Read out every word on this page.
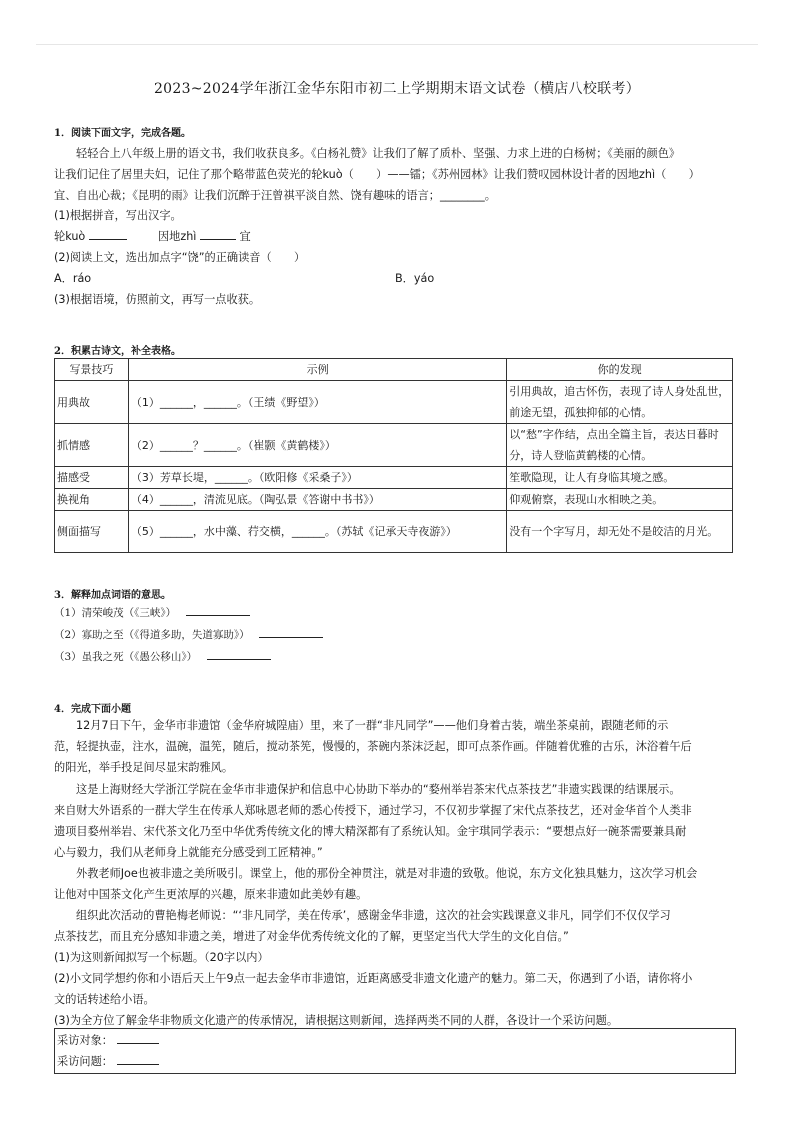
2023~2024学年浙江金华东阳市初二上学期期末语文试卷（横店八校联考）
1．阅读下面文字，完成各题。
轻轻合上八年级上册的语文书，我们收获良多。《白杨礼赞》让我们了解了质朴、坚强、力求上进的白杨树；《美丽的颜色》
让我们记住了居里夫妇，记住了那个略带蓝色荧光的轮kuò（　　）——镭；《苏州园林》让我们赞叹园林设计者的因地zhì（　　）
宜、自出心裁；《昆明的雨》让我们沉醉于汪曾祺平淡自然、饶有趣味的语言；________。
(1)根据拼音，写出汉字。
轮kuò	因地zhì	宜
(2)阅读上文，选出加点字“饶”的正确读音（　　）
A．ráo	B．yáo
(3)根据语境，仿照前文，再写一点收获。
2．积累古诗文，补全表格。
写景技巧	示例	你的发现
用典故	（1）______，______。（王绩《野望》）	引用典故，追古怀伤，表现了诗人身处乱世，前途无望，孤独抑郁的心情。
抓情感	（2）______？______。（崔颢《黄鹤楼》）	以“愁”字作结，点出全篇主旨，表达日暮时分，诗人登临黄鹤楼的心情。
描感受	（3）芳草长堤，______。（欧阳修《采桑子》）	笙歌隐现，让人有身临其境之感。
换视角	（4）______，清流见底。（陶弘景《答谢中书书》）	仰观俯察，表现山水相映之美。
侧面描写	（5）______，水中藻、荇交横，______。（苏轼《记承天寺夜游》）	没有一个字写月，却无处不是皎洁的月光。
3．解释加点词语的意思。
（1）清荣峻茂（《三峡》）
（2）寡助之至（《得道多助，失道寡助》）
（3）虽我之死（《愚公移山》）
4．完成下面小题
12月7日下午，金华市非遗馆（金华府城隍庙）里，来了一群“非凡同学”——他们身着古装，端坐茶桌前，跟随老师的示
范，轻提执壶，注水，温碗，温筅，随后，搅动茶筅，慢慢的，茶碗内茶沫泛起，即可点茶作画。伴随着优雅的古乐，沐浴着午后
的阳光，举手投足间尽显宋韵雅风。
这是上海财经大学浙江学院在金华市非遗保护和信息中心协助下举办的“婺州举岩茶宋代点茶技艺”非遗实践课的结课展示。
来自财大外语系的一群大学生在传承人郑咏恩老师的悉心传授下，通过学习，不仅初步掌握了宋代点茶技艺，还对金华首个人类非
遗项目婺州举岩、宋代茶文化乃至中华优秀传统文化的博大精深都有了系统认知。金宇琪同学表示：“要想点好一碗茶需要兼具耐
心与毅力，我们从老师身上就能充分感受到工匠精神。”
外教老师Joe也被非遗之美所吸引。课堂上，他的那份全神贯注，就是对非遗的致敬。他说，东方文化独具魅力，这次学习机会
让他对中国茶文化产生更浓厚的兴趣，原来非遗如此美妙有趣。
组织此次活动的曹艳梅老师说：“‘非凡同学，美在传承’，感谢金华非遗，这次的社会实践课意义非凡，同学们不仅仅学习
点茶技艺，而且充分感知非遗之美，增进了对金华优秀传统文化的了解，更坚定当代大学生的文化自信。”
(1)为这则新闻拟写一个标题。（20字以内）
(2)小文同学想约你和小语后天上午9点一起去金华市非遗馆，近距离感受非遗文化遗产的魅力。第二天，你遇到了小语，请你将小
文的话转述给小语。
(3)为全方位了解金华非物质文化遗产的传承情况，请根据这则新闻，选择两类不同的人群，各设计一个采访问题。
采访对象：
采访问题：
